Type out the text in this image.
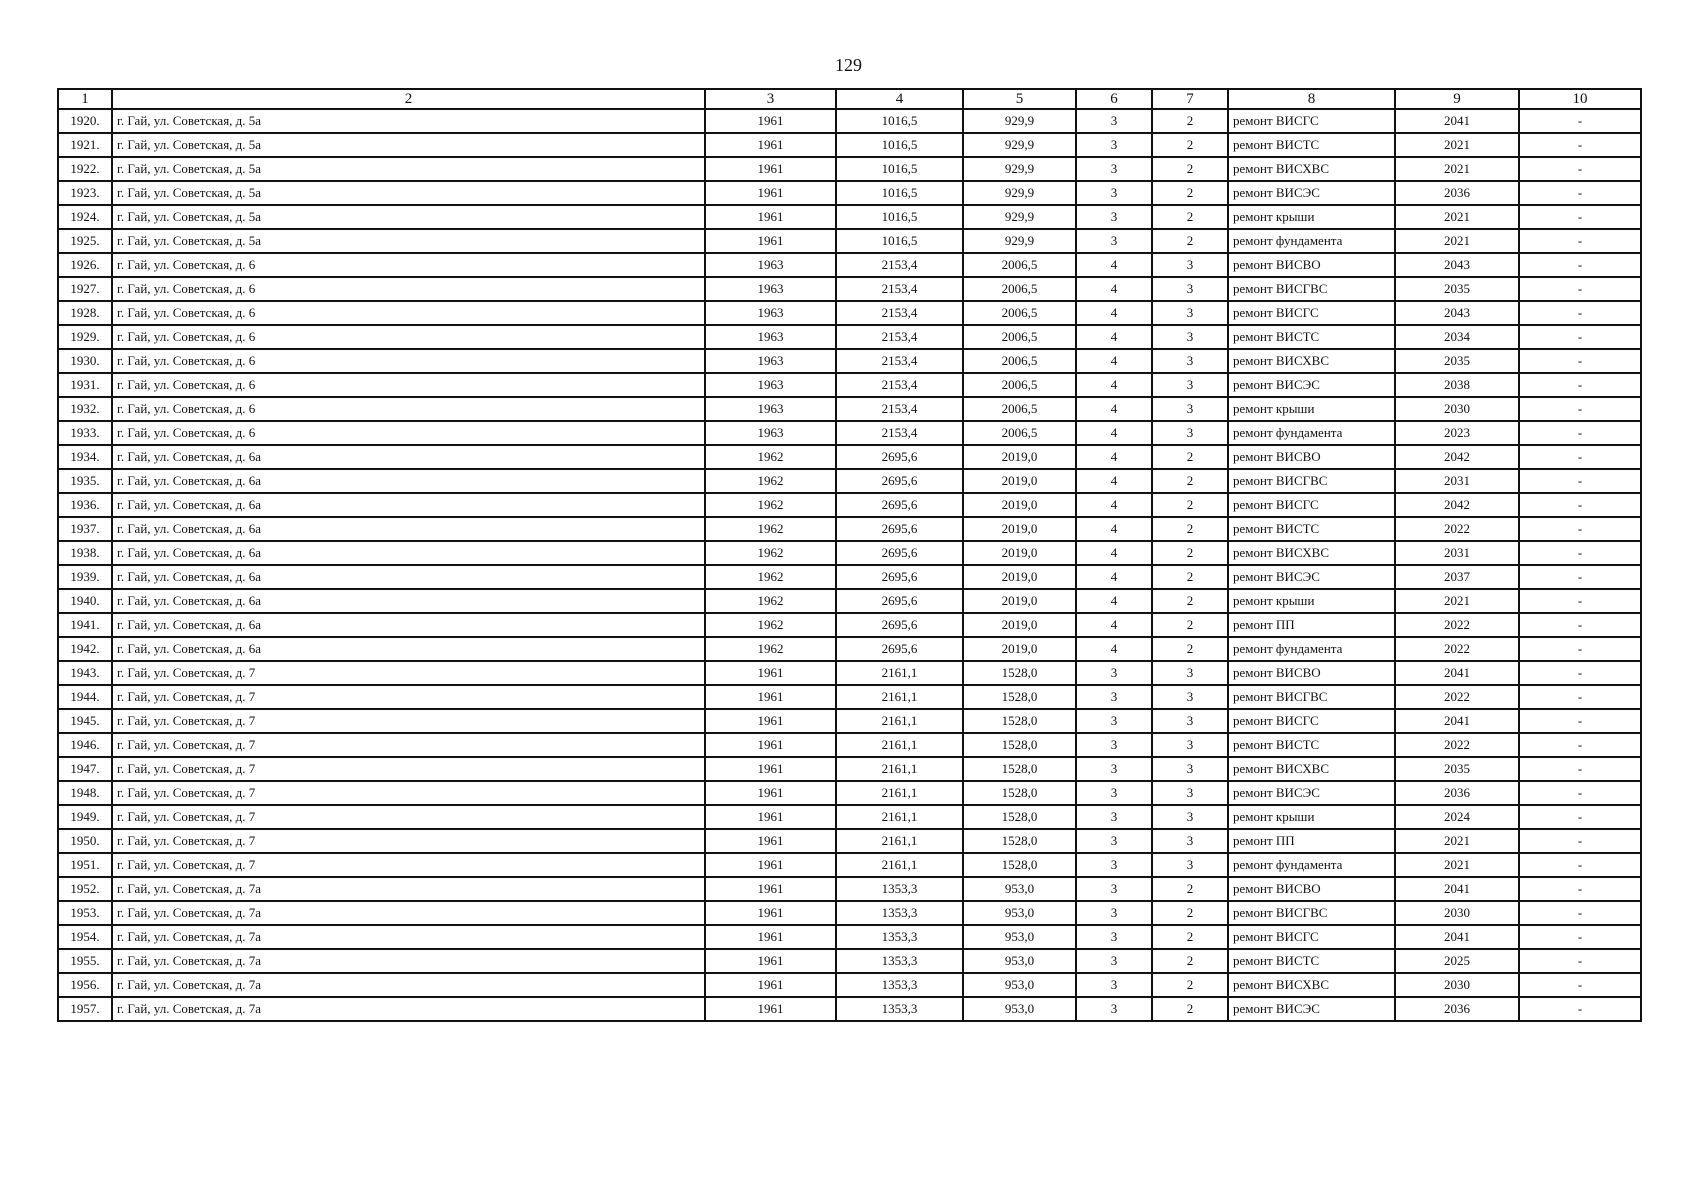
129
1	2	3	4	5	6	7	8	9	10
1920.	г. Гай, ул. Советская, д. 5а	1961	1016,5	929,9	3	2	ремонт ВИСГС	2041	-
1921.	г. Гай, ул. Советская, д. 5а	1961	1016,5	929,9	3	2	ремонт ВИСТС	2021	-
1922.	г. Гай, ул. Советская, д. 5а	1961	1016,5	929,9	3	2	ремонт ВИСХВС	2021	-
1923.	г. Гай, ул. Советская, д. 5а	1961	1016,5	929,9	3	2	ремонт ВИСЭС	2036	-
1924.	г. Гай, ул. Советская, д. 5а	1961	1016,5	929,9	3	2	ремонт крыши	2021	-
1925.	г. Гай, ул. Советская, д. 5а	1961	1016,5	929,9	3	2	ремонт фундамента	2021	-
1926.	г. Гай, ул. Советская, д. 6	1963	2153,4	2006,5	4	3	ремонт ВИСВО	2043	-
1927.	г. Гай, ул. Советская, д. 6	1963	2153,4	2006,5	4	3	ремонт ВИСГВС	2035	-
1928.	г. Гай, ул. Советская, д. 6	1963	2153,4	2006,5	4	3	ремонт ВИСГС	2043	-
1929.	г. Гай, ул. Советская, д. 6	1963	2153,4	2006,5	4	3	ремонт ВИСТС	2034	-
1930.	г. Гай, ул. Советская, д. 6	1963	2153,4	2006,5	4	3	ремонт ВИСХВС	2035	-
1931.	г. Гай, ул. Советская, д. 6	1963	2153,4	2006,5	4	3	ремонт ВИСЭС	2038	-
1932.	г. Гай, ул. Советская, д. 6	1963	2153,4	2006,5	4	3	ремонт крыши	2030	-
1933.	г. Гай, ул. Советская, д. 6	1963	2153,4	2006,5	4	3	ремонт фундамента	2023	-
1934.	г. Гай, ул. Советская, д. 6а	1962	2695,6	2019,0	4	2	ремонт ВИСВО	2042	-
1935.	г. Гай, ул. Советская, д. 6а	1962	2695,6	2019,0	4	2	ремонт ВИСГВС	2031	-
1936.	г. Гай, ул. Советская, д. 6а	1962	2695,6	2019,0	4	2	ремонт ВИСГС	2042	-
1937.	г. Гай, ул. Советская, д. 6а	1962	2695,6	2019,0	4	2	ремонт ВИСТС	2022	-
1938.	г. Гай, ул. Советская, д. 6а	1962	2695,6	2019,0	4	2	ремонт ВИСХВС	2031	-
1939.	г. Гай, ул. Советская, д. 6а	1962	2695,6	2019,0	4	2	ремонт ВИСЭС	2037	-
1940.	г. Гай, ул. Советская, д. 6а	1962	2695,6	2019,0	4	2	ремонт крыши	2021	-
1941.	г. Гай, ул. Советская, д. 6а	1962	2695,6	2019,0	4	2	ремонт ПП	2022	-
1942.	г. Гай, ул. Советская, д. 6а	1962	2695,6	2019,0	4	2	ремонт фундамента	2022	-
1943.	г. Гай, ул. Советская, д. 7	1961	2161,1	1528,0	3	3	ремонт ВИСВО	2041	-
1944.	г. Гай, ул. Советская, д. 7	1961	2161,1	1528,0	3	3	ремонт ВИСГВС	2022	-
1945.	г. Гай, ул. Советская, д. 7	1961	2161,1	1528,0	3	3	ремонт ВИСГС	2041	-
1946.	г. Гай, ул. Советская, д. 7	1961	2161,1	1528,0	3	3	ремонт ВИСТС	2022	-
1947.	г. Гай, ул. Советская, д. 7	1961	2161,1	1528,0	3	3	ремонт ВИСХВС	2035	-
1948.	г. Гай, ул. Советская, д. 7	1961	2161,1	1528,0	3	3	ремонт ВИСЭС	2036	-
1949.	г. Гай, ул. Советская, д. 7	1961	2161,1	1528,0	3	3	ремонт крыши	2024	-
1950.	г. Гай, ул. Советская, д. 7	1961	2161,1	1528,0	3	3	ремонт ПП	2021	-
1951.	г. Гай, ул. Советская, д. 7	1961	2161,1	1528,0	3	3	ремонт фундамента	2021	-
1952.	г. Гай, ул. Советская, д. 7а	1961	1353,3	953,0	3	2	ремонт ВИСВО	2041	-
1953.	г. Гай, ул. Советская, д. 7а	1961	1353,3	953,0	3	2	ремонт ВИСГВС	2030	-
1954.	г. Гай, ул. Советская, д. 7а	1961	1353,3	953,0	3	2	ремонт ВИСГС	2041	-
1955.	г. Гай, ул. Советская, д. 7а	1961	1353,3	953,0	3	2	ремонт ВИСТС	2025	-
1956.	г. Гай, ул. Советская, д. 7а	1961	1353,3	953,0	3	2	ремонт ВИСХВС	2030	-
1957.	г. Гай, ул. Советская, д. 7а	1961	1353,3	953,0	3	2	ремонт ВИСЭС	2036	-
